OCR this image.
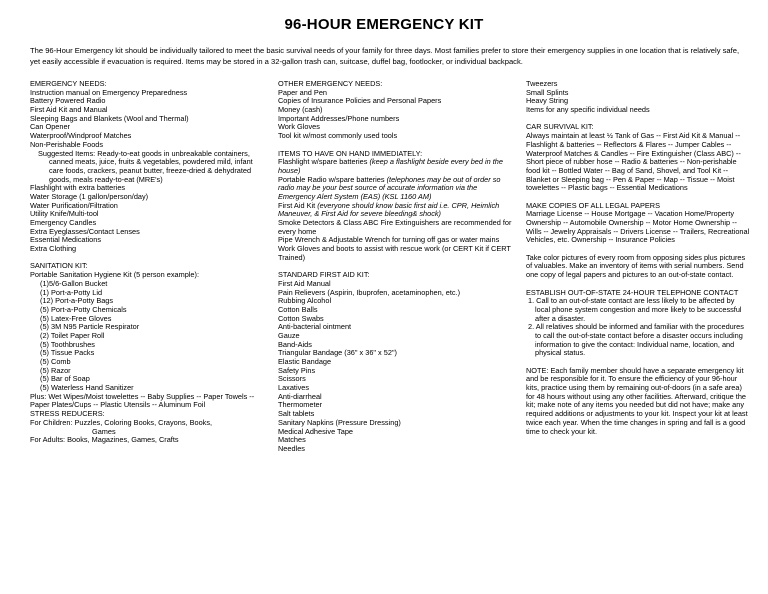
96-HOUR EMERGENCY KIT

The 96-Hour Emergency kit should be individually tailored to meet the basic survival needs of your family for three days. Most families prefer to store their emergency supplies in one location that is relatively safe, yet easily accessible if evacuation is required. Items may be stored in a 32-gallon trash can, suitcase, duffel bag, footlocker, or individual backpack.

EMERGENCY NEEDS:

Instruction manual on Emergency Preparedness

Battery Powered Radio

First Aid Kit and Manual

Sleeping Bags and Blankets (Wool and Thermal)

Can Opener

Waterproof/Windproof Matches

Non-Perishable Foods

Suggested Items: Ready-to-eat goods in unbreakable containers, canned meats, juice, fruits & vegetables, powdered mild, infant care foods, crackers, peanut butter, freeze-dried & dehydrated goods, meals ready-to-eat (MRE's)

Flashlight with extra batteries

Water Storage (1 gallon/person/day)

Water Purification/Filtration

Utility Knife/Multi-tool

Emergency Candles

Extra Eyeglasses/Contact Lenses

Essential Medications

Extra Clothing

SANITATION KIT:

Portable Sanitation Hygiene Kit (5 person example):

(1)5/6-Gallon Bucket

(1) Port-a-Potty Lid

(12) Port-a-Potty Bags

(5) Port-a-Potty Chemicals

(5) Latex-Free Gloves

(5) 3M N95 Particle Respirator

(2) Toilet Paper Roll

(5) Toothbrushes

(5) Tissue Packs

(5) Comb

(5) Razor

(5) Bar of Soap

(5) Waterless Hand Sanitizer

Plus: Wet Wipes/Moist towelettes -- Baby Supplies -- Paper Towels -- Paper Plates/Cups -- Plastic Utensils -- Aluminum Foil

STRESS REDUCERS:

For Children: Puzzles, Coloring Books, Crayons, Books,

Games

For Adults: Books, Magazines, Games, Crafts

OTHER EMERGENCY NEEDS:

Paper and Pen

Copies of Insurance Policies and Personal Papers

Money (cash)

Important Addresses/Phone numbers

Work Gloves

Tool kit w/most commonly used tools

ITEMS TO HAVE ON HAND IMMEDIATELY:

Flashlight w/spare batteries (keep a flashlight beside every bed in the house)

Portable Radio w/spare batteries (telephones may be out of order so radio may be your best source of accurate information via the Emergency Alert System (EAS) (KSL 1160 AM)

First Aid Kit (everyone should know basic first aid i.e. CPR, Heimlich Maneuver, & First Aid for severe bleeding& shock)

Smoke Detectors & Class ABC Fire Extinguishers are recommended for every home

Pipe Wrench & Adjustable Wrench for turning off gas or water mains

Work Gloves and boots to assist with rescue work (or CERT Kit if CERT Trained)

STANDARD FIRST AID KIT:

First Aid Manual

Pain Relievers (Aspirin, Ibuprofen, acetaminophen, etc.)

Rubbing Alcohol

Cotton Balls

Cotton Swabs

Anti-bacterial ointment

Gauze

Band-Aids

Triangular Bandage (36" x 36" x 52")

Elastic Bandage

Safety Pins

Scissors

Laxatives

Anti-diarrheal

Thermometer

Salt tablets

Sanitary Napkins (Pressure Dressing)

Medical Adhesive Tape

Matches

Needles

Tweezers

Small Splints

Heavy String

Items for any specific individual needs

CAR SURVIVAL KIT:

Always maintain at least ½ Tank of Gas -- First Aid Kit & Manual -- Flashlight & batteries -- Reflectors & Flares -- Jumper Cables -- Waterproof Matches & Candles -- Fire Extinguisher (Class ABC) -- Short piece of rubber hose -- Radio & batteries -- Non-perishable food kit -- Bottled Water -- Bag of Sand, Shovel, and Tool Kit -- Blanket or Sleeping bag -- Pen & Paper -- Map -- Tissue -- Moist towelettes -- Plastic bags -- Essential Medications

MAKE COPIES OF ALL LEGAL PAPERS

Marriage License -- House Mortgage -- Vacation Home/Property Ownership -- Automobile Ownership -- Motor Home Ownership -- Wills -- Jewelry Appraisals -- Drivers License -- Trailers, Recreational Vehicles, etc. Ownership -- Insurance Policies

Take color pictures of every room from opposing sides plus pictures of valuables. Make an inventory of items with serial numbers. Send one copy of legal papers and pictures to an out-of-state contact.

ESTABLISH OUT-OF-STATE 24-HOUR TELEPHONE CONTACT

1. Call to an out-of-state contact are less likely to be affected by local phone system congestion and more likely to be successful after a disaster.

2. All relatives should be informed and familiar with the procedures to call the out-of-state contact before a disaster occurs including information to give the contact: Individual name, location, and physical status.

NOTE: Each family member should have a separate emergency kit and be responsible for it. To ensure the efficiency of your 96-hour kits, practice using them by remaining out-of-doors (in a safe area) for 48 hours without using any other facilities. Afterward, critique the kit; make note of any items you needed but did not have; make any required additions or adjustments to your kit. Inspect your kit at least twice each year. When the time changes in spring and fall is a good time to check your kit.
